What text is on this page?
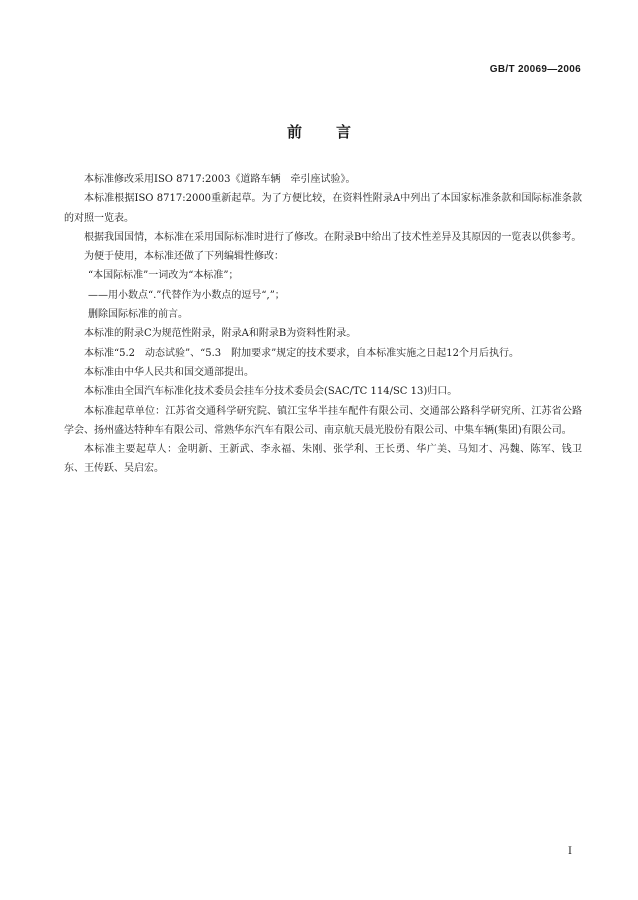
GB/T 20069—2006
前言

本标准修改采用ISO 8717:2003《道路车辆　牵引座试验》。

本标准根据ISO 8717:2000重新起草。为了方便比较，在资料性附录A中列出了本国家标准条款和国际标准条款的对照一览表。

根据我国国情，本标准在采用国际标准时进行了修改。在附录B中给出了技术性差异及其原因的一览表以供参考。

为便于使用，本标准还做了下列编辑性修改：

“本国际标准”一词改为“本标准”；

——用小数点“.”代替作为小数点的逗号“,”；

删除国际标准的前言。

本标准的附录C为规范性附录，附录A和附录B为资料性附录。

本标准“5.2　动态试验”、“5.3　附加要求”规定的技术要求，自本标准实施之日起12个月后执行。

本标准由中华人民共和国交通部提出。

本标准由全国汽车标准化技术委员会挂车分技术委员会(SAC/TC 114/SC 13)归口。

本标准起草单位：江苏省交通科学研究院、镇江宝华半挂车配件有限公司、交通部公路科学研究所、江苏省公路学会、扬州盛达特种车有限公司、常熟华东汽车有限公司、南京航天晨光股份有限公司、中集车辆(集团)有限公司。

本标准主要起草人：金明新、王新武、李永福、朱刚、张学利、王长勇、华广美、马知才、冯魏、陈军、钱卫东、王传跃、吴启宏。

I
